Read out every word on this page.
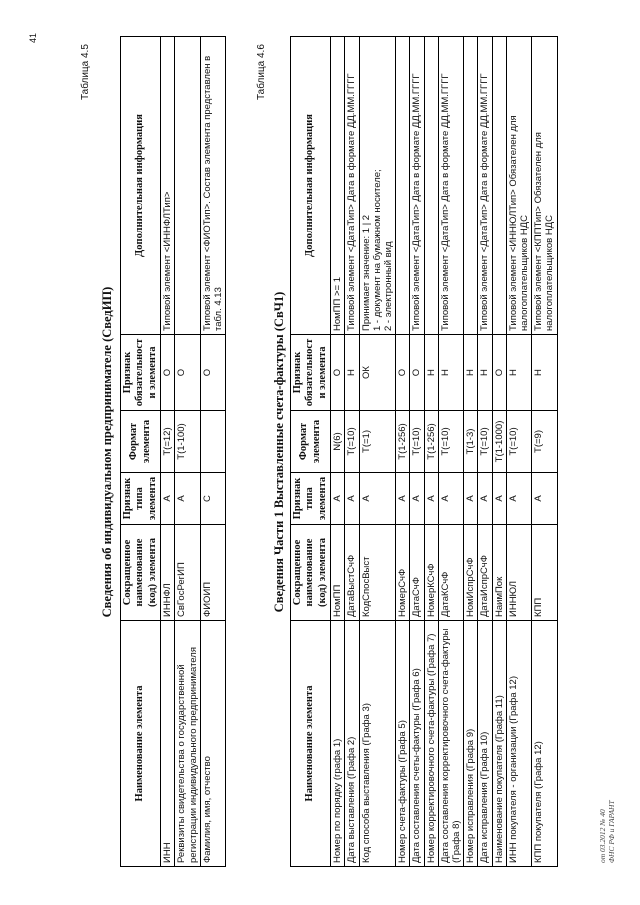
41
Таблица 4.5
Сведения об индивидуальном предпринимателе (СведИП)
Наименование элемента	Сокращенное наименование (код) элемента	Признак типа элемента	Формат элемента	Признак обязательности элемента	Дополнительная информация
ИНН	ИННФЛ	А	T(=12)	О	Типовой элемент <ИННФЛТип>
Реквизиты свидетельства о государственной регистрации индивидуального предпринимателя	СвГосРегИП	А	T(1-100)	О	
Фамилия, имя, отчество	ФИОИП	С		О	Типовой элемент <ФИОТип>. Состав элемента представлен в табл. 4.13
Таблица 4.6
Сведения Части 1 Выставленные счета-фактуры (СвЧ1)
Наименование элемента	Сокращенное наименование (код) элемента	Признак типа элемента	Формат элемента	Признак обязательности элемента	Дополнительная информация
Номер по порядку (графа 1)	НомПП	А	N(6)	О	НомПП >= 1
Дата выставления (Графа 2)	ДатаВыстСчФ	А	T(=10)	Н	Типовой элемент <ДатаТип> Дата в формате ДД.ММ.ГГГГ
Код способа выставления (Графа 3)	КодСпосВыст	А	T(=1)	ОК	Принимает значение: 1 | 2
1 - документ на бумажном носителе;
2 - электронный вид
Номер счета-фактуры (Графа 5)	НомерСчФ	А	T(1-256)	О	
Дата составления счеты-фактуры (Графа 6)	ДатаСчФ	А	T(=10)	О	Типовой элемент <ДатаТип> Дата в формате ДД.ММ.ГГГГ
Номер корректировочного счета-фактуры (Графа 7)	НомерКСчФ	А	T(1-256)	Н	
Дата составления корректировочного счета-фактуры (Графа 8)	ДатаКСчФ	А	T(=10)	Н	Типовой элемент <ДатаТип> Дата в формате ДД.ММ.ГГГГ
Номер исправления (Графа 9)	НомИспрСчФ	А	T(1-3)	Н	
Дата исправления (Графа 10)	ДатаИспрСчФ	А	T(=10)	Н	Типовой элемент <ДатаТип> Дата в формате ДД.ММ.ГГГГ
Наименование покупателя (Графа 11)	НаимПок	А	T(1-1000)	О	
ИНН покупателя - организации (Графа 12)	ИННЮЛ	А	T(=10)	Н	Типовой элемент <ИННЮЛТип> Обязателен для налогоплательщиков НДС
КПП покупателя (Графа 12)	КПП	А	T(=9)	Н	Типовой элемент <КППТип> Обязателен для налогоплательщиков НДС
от 03.2012 № 40 ФНС РФ и ГАРАНТ
